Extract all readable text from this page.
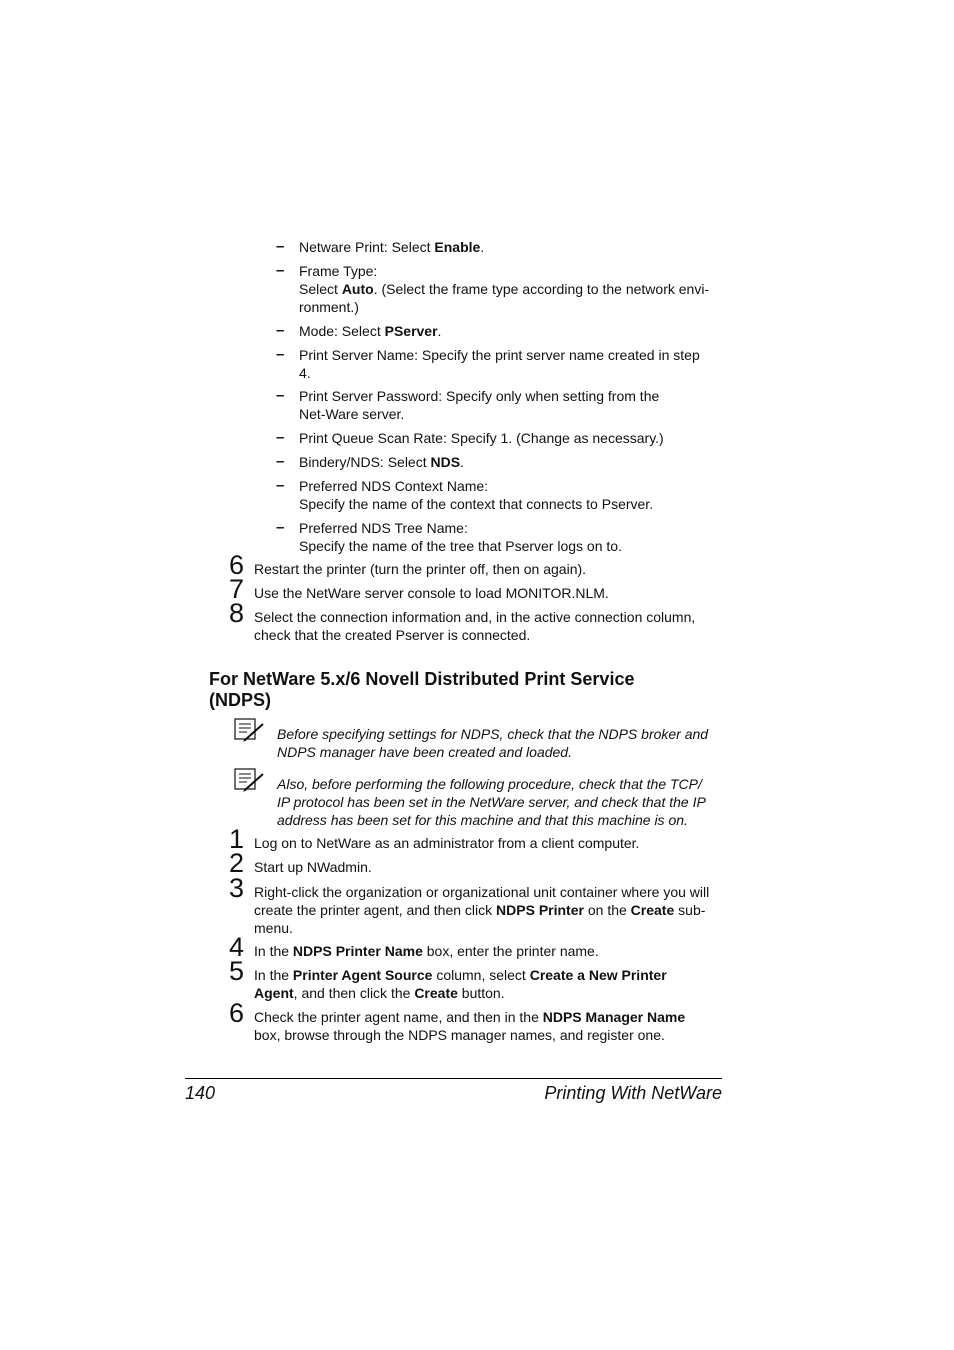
– Netware Print: Select Enable.
– Frame Type:
Select Auto. (Select the frame type according to the network envi-
ronment.)
– Mode: Select PServer.
– Print Server Name: Specify the print server name created in step
4.
– Print Server Password: Specify only when setting from the
Net-Ware server.
– Print Queue Scan Rate: Specify 1. (Change as necessary.)
– Bindery/NDS: Select NDS.
– Preferred NDS Context Name:
Specify the name of the context that connects to Pserver.
– Preferred NDS Tree Name:
Specify the name of the tree that Pserver logs on to.
6 Restart the printer (turn the printer off, then on again).
7 Use the NetWare server console to load MONITOR.NLM.
8 Select the connection information and, in the active connection column,
check that the created Pserver is connected.
For NetWare 5.x/6 Novell Distributed Print Service
(NDPS)
Before specifying settings for NDPS, check that the NDPS broker and
NDPS manager have been created and loaded.
Also, before performing the following procedure, check that the TCP/
IP protocol has been set in the NetWare server, and check that the IP
address has been set for this machine and that this machine is on.
1 Log on to NetWare as an administrator from a client computer.
2 Start up NWadmin.
3 Right-click the organization or organizational unit container where you will
create the printer agent, and then click NDPS Printer on the Create sub-
menu.
4 In the NDPS Printer Name box, enter the printer name.
5 In the Printer Agent Source column, select Create a New Printer
Agent, and then click the Create button.
6 Check the printer agent name, and then in the NDPS Manager Name
box, browse through the NDPS manager names, and register one.
140	Printing With NetWare
